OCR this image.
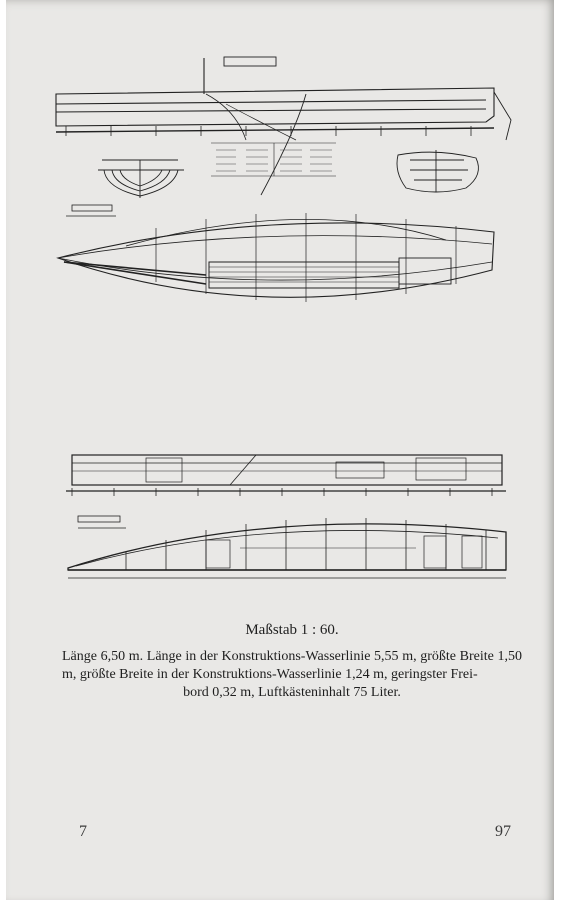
Maßstab 1 : 60.
Länge 6,50 m. Länge in der Konstruktions-Wasserlinie 5,55 m, größte Breite 1,50 m, größte Breite in der Konstruktions-Wasserlinie 1,24 m, geringster Frei-
bord 0,32 m, Luftkästeninhalt 75 Liter.
7	97
